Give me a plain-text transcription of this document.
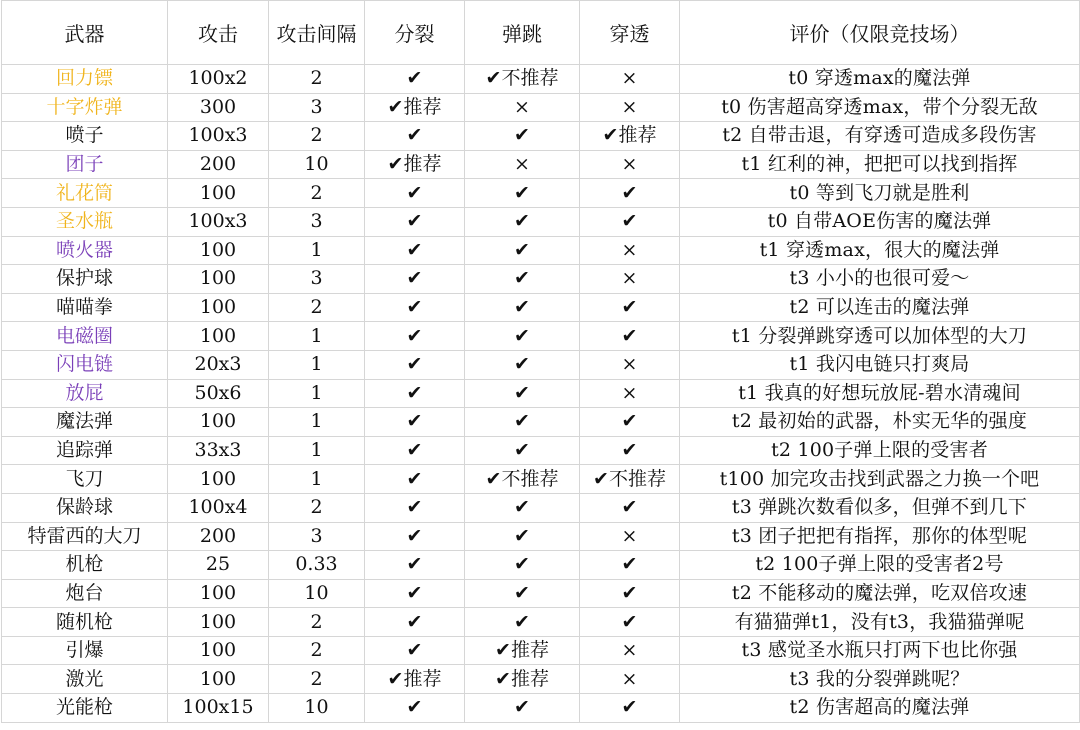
武器	攻击	攻击间隔	分裂	弹跳	穿透	评价（仅限竞技场）
回力镖	100x2	2	✔	✔不推荐	×	t0 穿透max的魔法弹
十字炸弹	300	3	✔推荐	×	×	t0 伤害超高穿透max，带个分裂无敌
喷子	100x3	2	✔	✔	✔推荐	t2 自带击退，有穿透可造成多段伤害
团子	200	10	✔推荐	×	×	t1 红利的神，把把可以找到指挥
礼花筒	100	2	✔	✔	✔	t0 等到飞刀就是胜利
圣水瓶	100x3	3	✔	✔	✔	t0 自带AOE伤害的魔法弹
喷火器	100	1	✔	✔	×	t1 穿透max，很大的魔法弹
保护球	100	3	✔	✔	×	t3 小小的也很可爱～
喵喵拳	100	2	✔	✔	✔	t2 可以连击的魔法弹
电磁圈	100	1	✔	✔	✔	t1 分裂弹跳穿透可以加体型的大刀
闪电链	20x3	1	✔	✔	×	t1 我闪电链只打爽局
放屁	50x6	1	✔	✔	×	t1 我真的好想玩放屁-碧水清魂间
魔法弹	100	1	✔	✔	✔	t2 最初始的武器，朴实无华的强度
追踪弹	33x3	1	✔	✔	✔	t2 100子弹上限的受害者
飞刀	100	1	✔	✔不推荐	✔不推荐	t100 加完攻击找到武器之力换一个吧
保龄球	100x4	2	✔	✔	✔	t3 弹跳次数看似多，但弹不到几下
特雷西的大刀	200	3	✔	✔	×	t3 团子把把有指挥，那你的体型呢
机枪	25	0.33	✔	✔	✔	t2 100子弹上限的受害者2号
炮台	100	10	✔	✔	✔	t2 不能移动的魔法弹，吃双倍攻速
随机枪	100	2	✔	✔	✔	有猫猫弹t1，没有t3，我猫猫弹呢
引爆	100	2	✔	✔推荐	×	t3 感觉圣水瓶只打两下也比你强
激光	100	2	✔推荐	✔推荐	×	t3 我的分裂弹跳呢？
光能枪	100x15	10	✔	✔	✔	t2 伤害超高的魔法弹
